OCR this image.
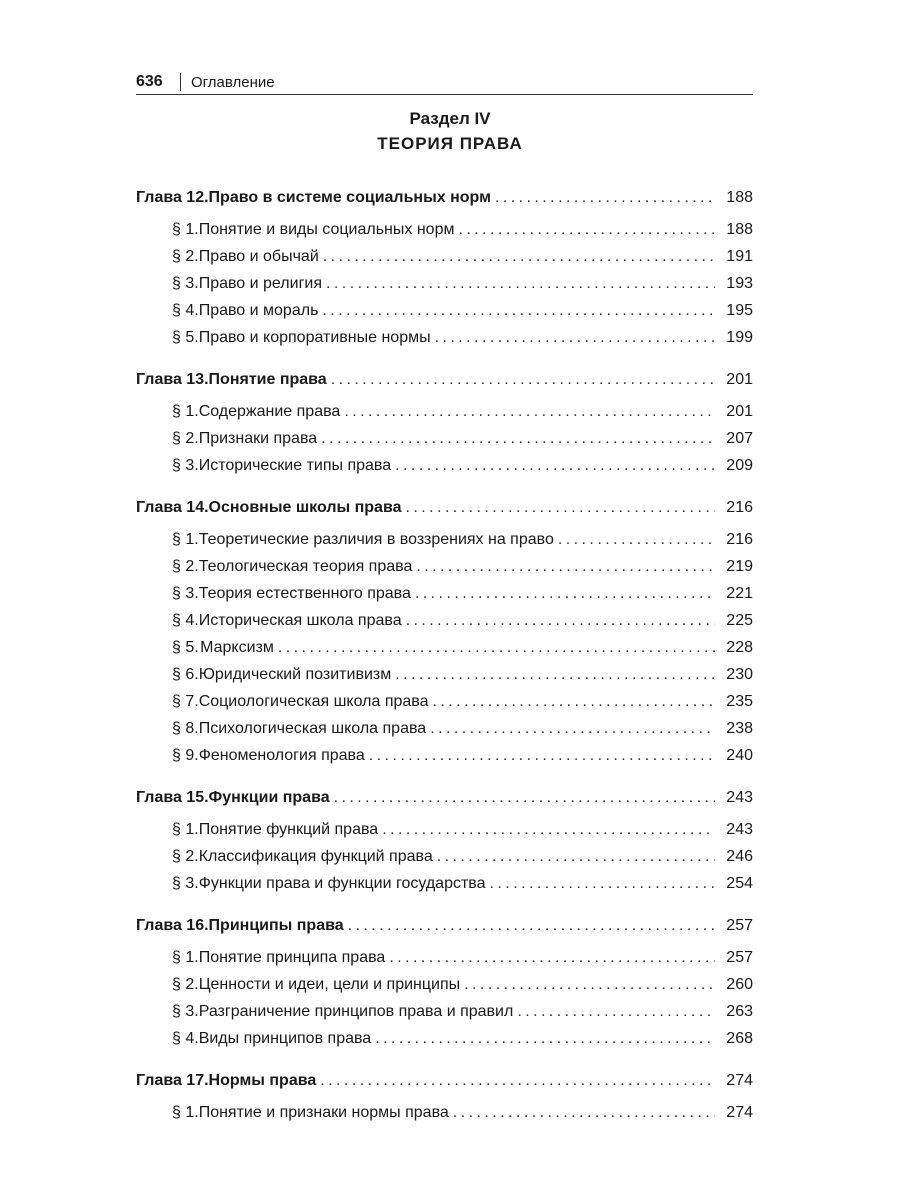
636	Оглавление
Раздел IV
ТЕОРИЯ ПРАВА
Глава 12. Право в системе социальных норм . . .	188
§ 1. Понятие и виды социальных норм . . .	188
§ 2. Право и обычай . . .	191
§ 3. Право и религия . . .	193
§ 4. Право и мораль . . .	195
§ 5. Право и корпоративные нормы . . .	199
Глава 13. Понятие права . . .	201
§ 1. Содержание права . . .	201
§ 2. Признаки права . . .	207
§ 3. Исторические типы права . . .	209
Глава 14. Основные школы права . . .	216
§ 1. Теоретические различия в воззрениях на право . . .	216
§ 2. Теологическая теория права . . .	219
§ 3. Теория естественного права . . .	221
§ 4. Историческая школа права . . .	225
§ 5. Марксизм . . .	228
§ 6. Юридический позитивизм . . .	230
§ 7. Социологическая школа права . . .	235
§ 8. Психологическая школа права . . .	238
§ 9. Феноменология права . . .	240
Глава 15. Функции права . . .	243
§ 1. Понятие функций права . . .	243
§ 2. Классификация функций права . . .	246
§ 3. Функции права и функции государства . . .	254
Глава 16. Принципы права . . .	257
§ 1. Понятие принципа права . . .	257
§ 2. Ценности и идеи, цели и принципы . . .	260
§ 3. Разграничение принципов права и правил . . .	263
§ 4. Виды принципов права . . .	268
Глава 17. Нормы права . . .	274
§ 1. Понятие и признаки нормы права . . .	274
